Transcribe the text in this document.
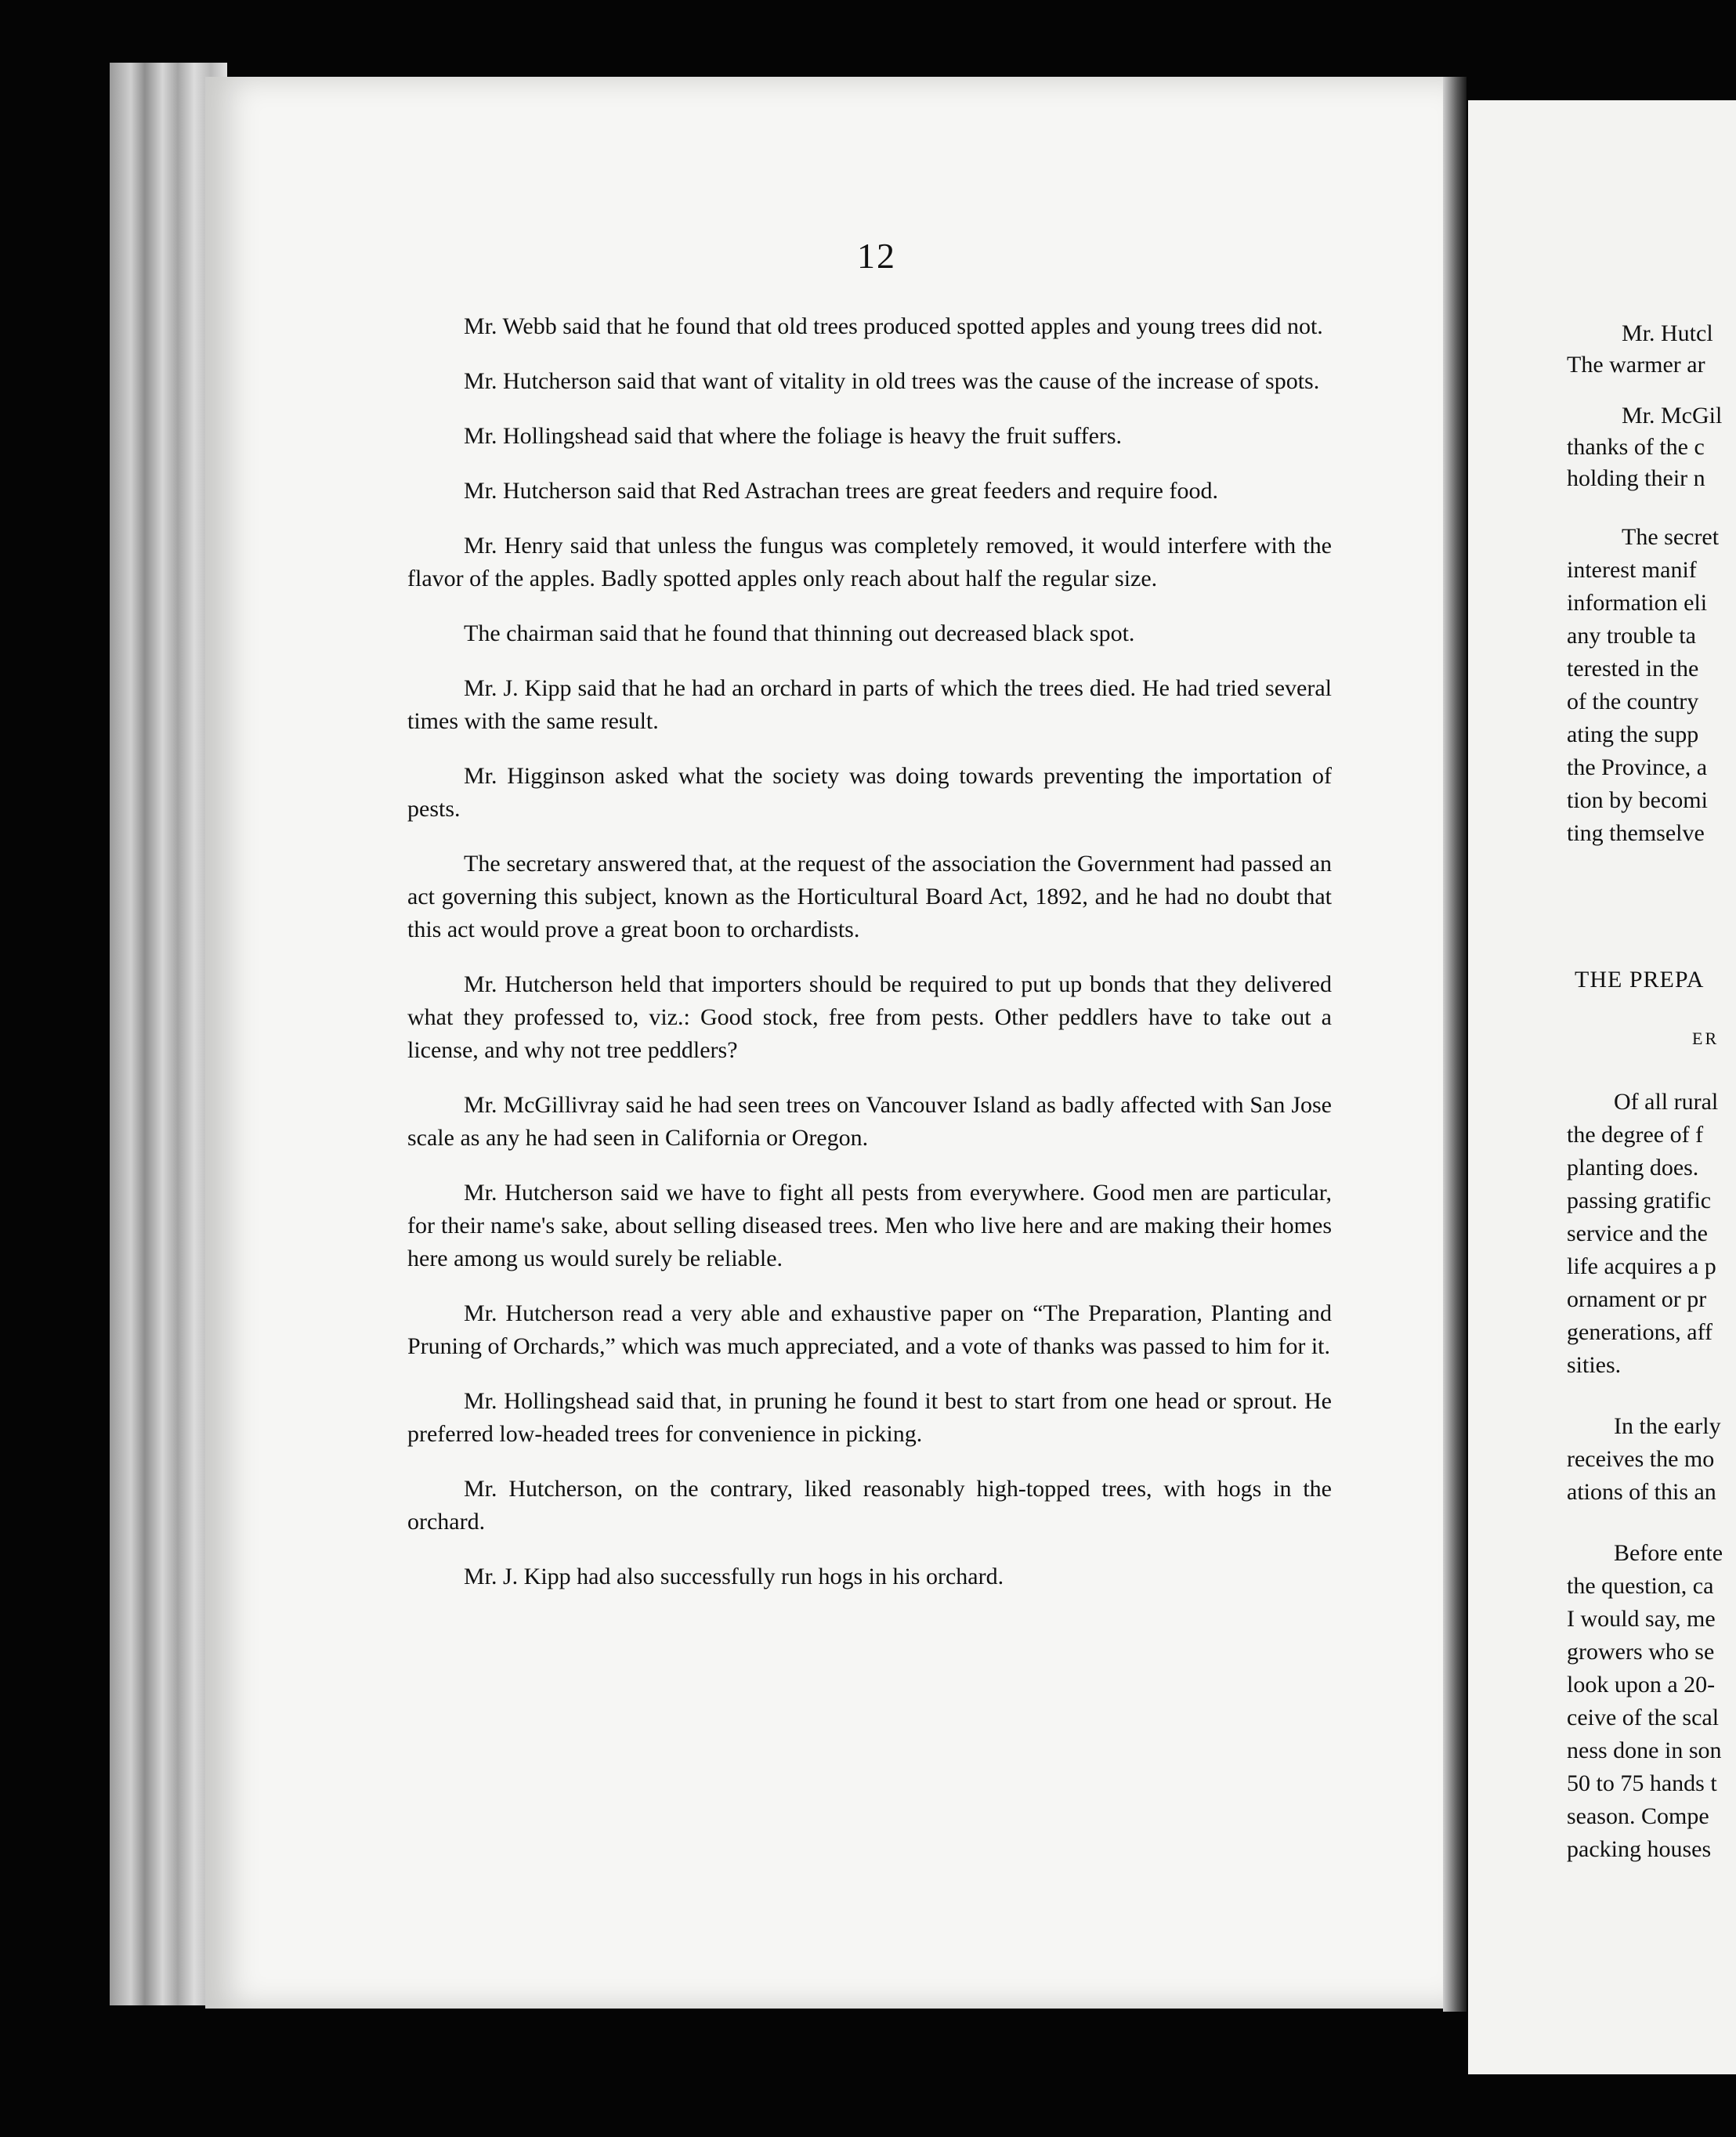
12

Mr. Webb said that he found that old trees produced spotted apples and young trees did not.

Mr. Hutcherson said that want of vitality in old trees was the cause of the increase of spots.

Mr. Hollingshead said that where the foliage is heavy the fruit suffers.

Mr. Hutcherson said that Red Astrachan trees are great feeders and require food.

Mr. Henry said that unless the fungus was completely removed, it would interfere with the flavor of the apples. Badly spotted apples only reach about half the regular size.

The chairman said that he found that thinning out decreased black spot.

Mr. J. Kipp said that he had an orchard in parts of which the trees died. He had tried several times with the same result.

Mr. Higginson asked what the society was doing towards preventing the importation of pests.

The secretary answered that, at the request of the association the Government had passed an act governing this subject, known as the Horticultural Board Act, 1892, and he had no doubt that this act would prove a great boon to orchardists.

Mr. Hutcherson held that importers should be required to put up bonds that they delivered what they professed to, viz.: Good stock, free from pests. Other peddlers have to take out a license, and why not tree peddlers?

Mr. McGillivray said he had seen trees on Vancouver Island as badly affected with San Jose scale as any he had seen in California or Oregon.

Mr. Hutcherson said we have to fight all pests from everywhere. Good men are particular, for their name's sake, about selling diseased trees. Men who live here and are making their homes here among us would surely be reliable.

Mr. Hutcherson read a very able and exhaustive paper on “The Preparation, Planting and Pruning of Orchards,” which was much appreciated, and a vote of thanks was passed to him for it.

Mr. Hollingshead said that, in pruning he found it best to start from one head or sprout. He preferred low-headed trees for convenience in picking.

Mr. Hutcherson, on the contrary, liked reasonably high-topped trees, with hogs in the orchard.

Mr. J. Kipp had also successfully run hogs in his orchard.

Mr. Hutcl
The warmer ar
Mr. McGil
thanks of the c
holding their n
The secret
interest manif
information eli
any trouble ta
terested in the
of the country
ating the supp
the Province, a
tion by becomi
ting themselve
THE PREPA
ER
Of all rural
the degree of f
planting does.
passing gratific
service and the
life acquires a p
ornament or pr
generations, aff
sities.
In the early
receives the mo
ations of this an
Before ente
the question, ca
I would say, me
growers who se
look upon a 20-
ceive of the scal
ness done in son
50 to 75 hands t
season. Compe
packing houses
